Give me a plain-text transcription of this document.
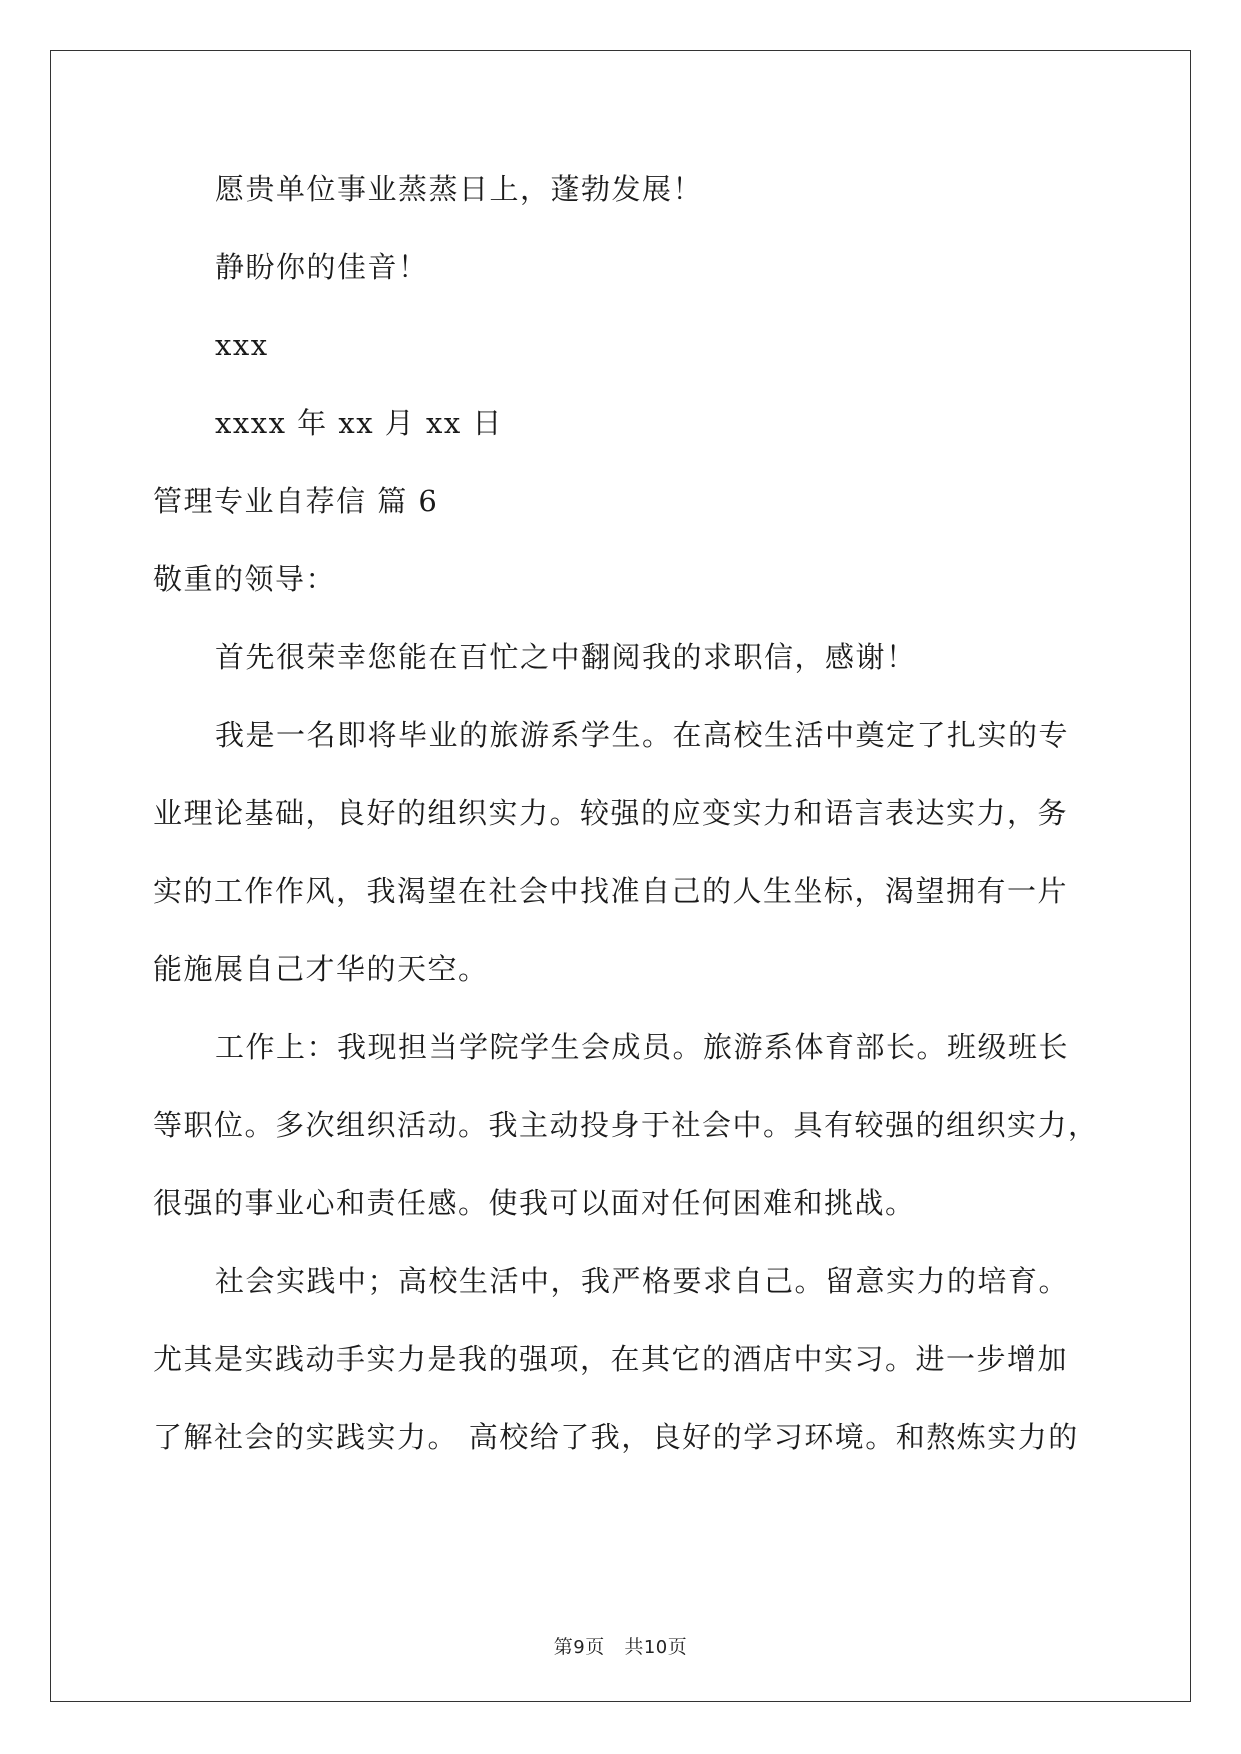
愿贵单位事业蒸蒸日上，蓬勃发展！
静盼你的佳音！
xxx
xxxx 年 xx 月 xx 日
管理专业自荐信 篇 6
敬重的领导：
首先很荣幸您能在百忙之中翻阅我的求职信，感谢！
我是一名即将毕业的旅游系学生。在高校生活中奠定了扎实的专
业理论基础，良好的组织实力。较强的应变实力和语言表达实力，务
实的工作作风，我渴望在社会中找准自己的人生坐标，渴望拥有一片
能施展自己才华的天空。
工作上：我现担当学院学生会成员。旅游系体育部长。班级班长
等职位。多次组织活动。我主动投身于社会中。具有较强的组织实力，
很强的事业心和责任感。使我可以面对任何困难和挑战。
社会实践中；高校生活中，我严格要求自己。留意实力的培育。
尤其是实践动手实力是我的强项，在其它的酒店中实习。进一步增加
了解社会的实践实力。 高校给了我，良好的学习环境。和熬炼实力的
第9页   共10页
